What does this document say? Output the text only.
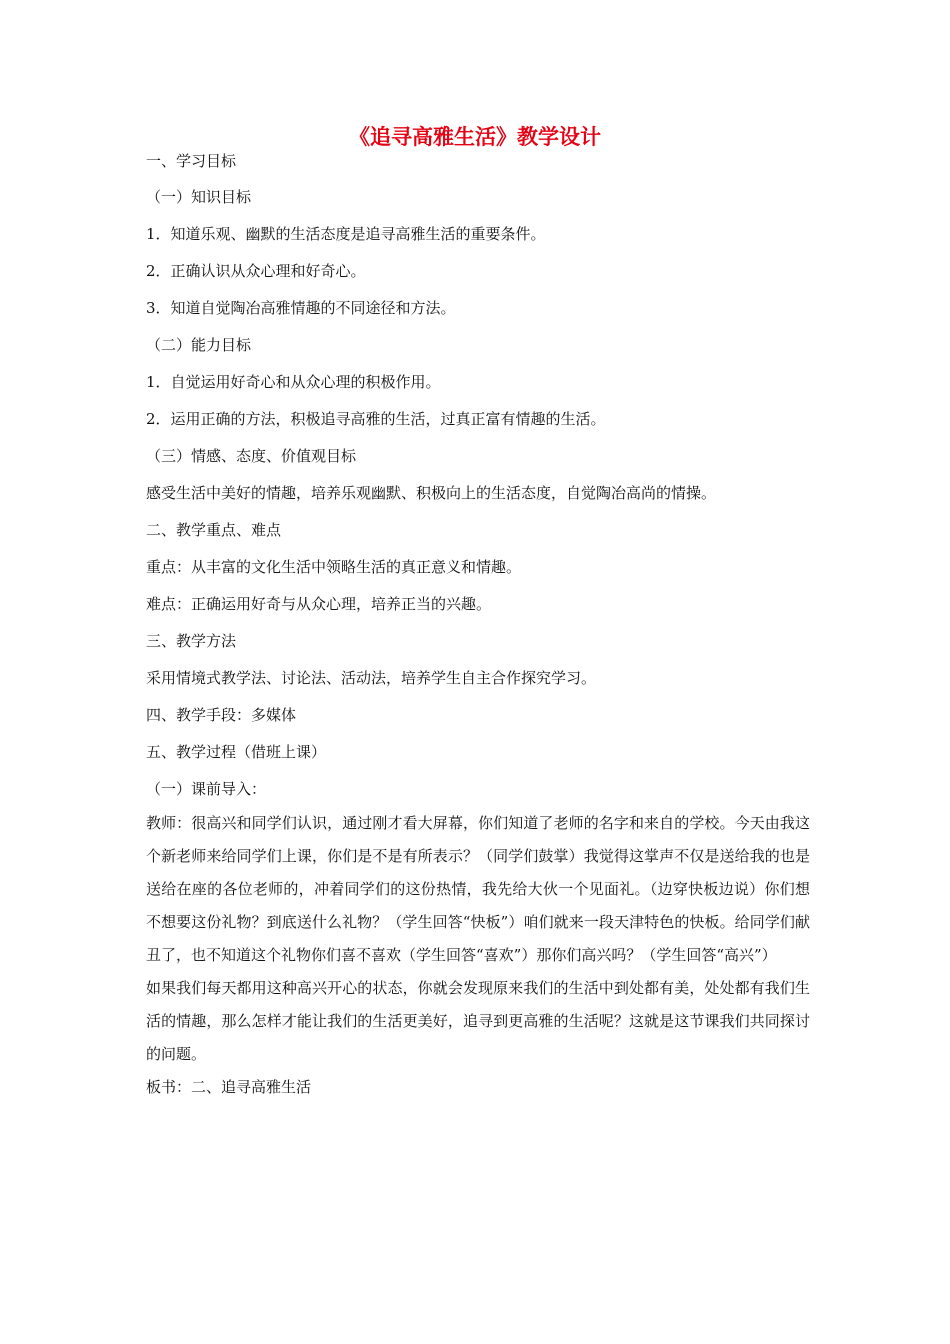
《追寻高雅生活》教学设计
一、学习目标
（一）知识目标
1．知道乐观、幽默的生活态度是追寻高雅生活的重要条件。
2．正确认识从众心理和好奇心。
3．知道自觉陶冶高雅情趣的不同途径和方法。
（二）能力目标
1．自觉运用好奇心和从众心理的积极作用。
2．运用正确的方法，积极追寻高雅的生活，过真正富有情趣的生活。
（三）情感、态度、价值观目标
感受生活中美好的情趣，培养乐观幽默、积极向上的生活态度，自觉陶冶高尚的情操。
二、教学重点、难点
重点：从丰富的文化生活中领略生活的真正意义和情趣。
难点：正确运用好奇与从众心理，培养正当的兴趣。
三、教学方法
采用情境式教学法、讨论法、活动法，培养学生自主合作探究学习。
四、教学手段：多媒体
五、教学过程（借班上课）
（一）课前导入：

教师：很高兴和同学们认识，通过刚才看大屏幕，你们知道了老师的名字和来自的学校。今天由我这个新老师来给同学们上课，你们是不是有所表示？（同学们鼓掌）我觉得这掌声不仅是送给我的也是送给在座的各位老师的，冲着同学们的这份热情，我先给大伙一个见面礼。（边穿快板边说）你们想不想要这份礼物？到底送什么礼物？（学生回答“快板”）咱们就来一段天津特色的快板。给同学们献丑了，也不知道这个礼物你们喜不喜欢（学生回答“喜欢”）那你们高兴吗？（学生回答“高兴”）

如果我们每天都用这种高兴开心的状态，你就会发现原来我们的生活中到处都有美，处处都有我们生活的情趣，那么怎样才能让我们的生活更美好，追寻到更高雅的生活呢？这就是这节课我们共同探讨的问题。

板书：二、追寻高雅生活
